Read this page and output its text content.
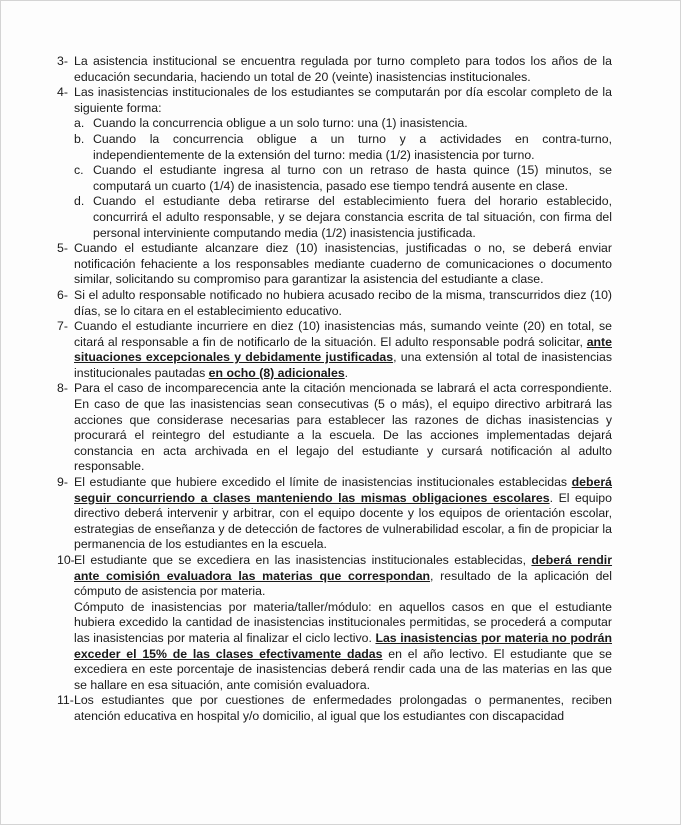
3- La asistencia institucional se encuentra regulada por turno completo para todos los años de la educación secundaria, haciendo un total de 20 (veinte) inasistencias institucionales.
4- Las inasistencias institucionales de los estudiantes se computarán por día escolar completo de la siguiente forma:
a. Cuando la concurrencia obligue a un solo turno: una (1) inasistencia.
b. Cuando la concurrencia obligue a un turno y a actividades en contra-turno, independientemente de la extensión del turno: media (1/2) inasistencia por turno.
c. Cuando el estudiante ingresa al turno con un retraso de hasta quince (15) minutos, se computará un cuarto (1/4) de inasistencia, pasado ese tiempo tendrá ausente en clase.
d. Cuando el estudiante deba retirarse del establecimiento fuera del horario establecido, concurrirá el adulto responsable, y se dejara constancia escrita de tal situación, con firma del personal interviniente computando media (1/2) inasistencia justificada.
5- Cuando el estudiante alcanzare diez (10) inasistencias, justificadas o no, se deberá enviar notificación fehaciente a los responsables mediante cuaderno de comunicaciones o documento similar, solicitando su compromiso para garantizar la asistencia del estudiante a clase.
6- Si el adulto responsable notificado no hubiera acusado recibo de la misma, transcurridos diez (10) días, se lo citara en el establecimiento educativo.
7- Cuando el estudiante incurriere en diez (10) inasistencias más, sumando veinte (20) en total, se citará al responsable a fin de notificarlo de la situación. El adulto responsable podrá solicitar, ante situaciones excepcionales y debidamente justificadas, una extensión al total de inasistencias institucionales pautadas en ocho (8) adicionales.
8- Para el caso de incomparecencia ante la citación mencionada se labrará el acta correspondiente. En caso de que las inasistencias sean consecutivas (5 o más), el equipo directivo arbitrará las acciones que considerase necesarias para establecer las razones de dichas inasistencias y procurará el reintegro del estudiante a la escuela. De las acciones implementadas dejará constancia en acta archivada en el legajo del estudiante y cursará notificación al adulto responsable.
9- El estudiante que hubiere excedido el límite de inasistencias institucionales establecidas deberá seguir concurriendo a clases manteniendo las mismas obligaciones escolares. El equipo directivo deberá intervenir y arbitrar, con el equipo docente y los equipos de orientación escolar, estrategias de enseñanza y de detección de factores de vulnerabilidad escolar, a fin de propiciar la permanencia de los estudiantes en la escuela.
10- El estudiante que se excediera en las inasistencias institucionales establecidas, deberá rendir ante comisión evaluadora las materias que correspondan, resultado de la aplicación del cómputo de asistencia por materia.
Cómputo de inasistencias por materia/taller/módulo: en aquellos casos en que el estudiante hubiera excedido la cantidad de inasistencias institucionales permitidas, se procederá a computar las inasistencias por materia al finalizar el ciclo lectivo. Las inasistencias por materia no podrán exceder el 15% de las clases efectivamente dadas en el año lectivo. El estudiante que se excediera en este porcentaje de inasistencias deberá rendir cada una de las materias en las que se hallare en esa situación, ante comisión evaluadora.
11- Los estudiantes que por cuestiones de enfermedades prolongadas o permanentes, reciben atención educativa en hospital y/o domicilio, al igual que los estudiantes con discapacidad
